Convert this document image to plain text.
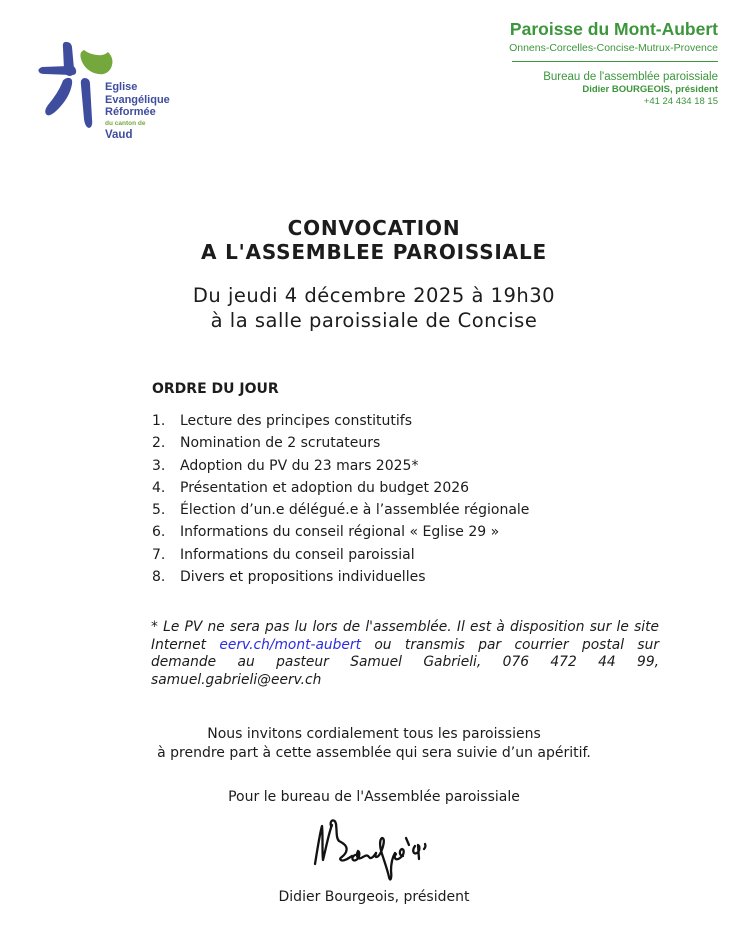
Eglise
Evangélique
Réformée
du canton de
Vaud
Paroisse du Mont-Aubert
Onnens-Corcelles-Concise-Mutrux-Provence
Bureau de l'assemblée paroissiale
Didier BOURGEOIS, président
+41 24 434 18 15
CONVOCATION
A L'ASSEMBLEE PAROISSIALE
Du jeudi 4 décembre 2025 à 19h30
à la salle paroissiale de Concise
ORDRE DU JOUR
1.	Lecture des principes constitutifs
2.	Nomination de 2 scrutateurs
3.	Adoption du PV du 23 mars 2025*
4.	Présentation et adoption du budget 2026
5.	Élection d’un.e délégué.e à l’assemblée régionale
6.	Informations du conseil régional « Eglise 29 »
7.	Informations du conseil paroissial
8.	Divers et propositions individuelles

* Le PV ne sera pas lu lors de l'assemblée. Il est à disposition sur le site Internet eerv.ch/mont-aubert ou transmis par courrier postal sur demande au pasteur Samuel Gabrieli, 076 472 44 99, samuel.gabrieli@eerv.ch

Nous invitons cordialement tous les paroissiens
à prendre part à cette assemblée qui sera suivie d’un apéritif.
Pour le bureau de l'Assemblée paroissiale
Didier Bourgeois, président
